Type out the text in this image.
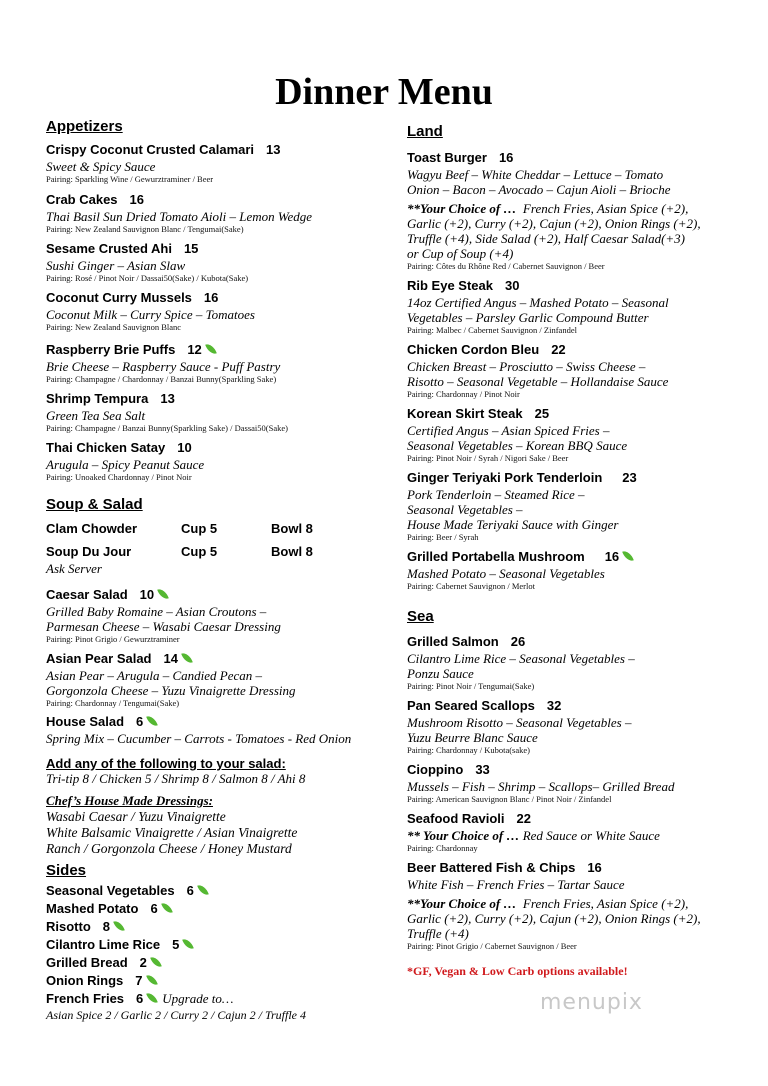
Dinner Menu
Appetizers
Crispy Coconut Crusted Calamari 13
Sweet & Spicy Sauce
Pairing: Sparkling Wine / Gewurztraminer / Beer
Crab Cakes 16
Thai Basil Sun Dried Tomato Aioli – Lemon Wedge
Pairing: New Zealand Sauvignon Blanc / Tengumai(Sake)
Sesame Crusted Ahi 15
Sushi Ginger – Asian Slaw
Pairing: Rosé / Pinot Noir / Dassai50(Sake) / Kubota(Sake)
Coconut Curry Mussels 16
Coconut Milk – Curry Spice – Tomatoes
Pairing: New Zealand Sauvignon Blanc
Raspberry Brie Puffs 12
Brie Cheese – Raspberry Sauce - Puff Pastry
Pairing: Champagne / Chardonnay / Banzai Bunny(Sparkling Sake)
Shrimp Tempura 13
Green Tea Sea Salt
Pairing: Champagne / Banzai Bunny(Sparkling Sake) / Dassai50(Sake)
Thai Chicken Satay 10
Arugula – Spicy Peanut Sauce
Pairing: Unoaked Chardonnay / Pinot Noir
Soup & Salad
Clam Chowder	Cup 5	Bowl 8
Soup Du Jour	Cup 5	Bowl 8
Ask Server
Caesar Salad 10
Grilled Baby Romaine – Asian Croutons –
Parmesan Cheese – Wasabi Caesar Dressing
Pairing: Pinot Grigio / Gewurztraminer
Asian Pear Salad 14
Asian Pear – Arugula – Candied Pecan –
Gorgonzola Cheese – Yuzu Vinaigrette Dressing
Pairing: Chardonnay / Tengumai(Sake)
House Salad 6
Spring Mix – Cucumber – Carrots - Tomatoes - Red Onion
Add any of the following to your salad:
Tri-tip 8 / Chicken 5 / Shrimp 8 / Salmon 8 / Ahi 8
Chef’s House Made Dressings:
Wasabi Caesar / Yuzu Vinaigrette
White Balsamic Vinaigrette / Asian Vinaigrette
Ranch / Gorgonzola Cheese / Honey Mustard
Sides
Seasonal Vegetables 6
Mashed Potato 6
Risotto 8
Cilantro Lime Rice 5
Grilled Bread 2
Onion Rings 7
French Fries 6 Upgrade to…
Asian Spice 2 / Garlic 2 / Curry 2 / Cajun 2 / Truffle 4
Land
Toast Burger 16
Wagyu Beef – White Cheddar – Lettuce – Tomato
Onion – Bacon – Avocado – Cajun Aioli – Brioche
**Your Choice of … French Fries, Asian Spice (+2),
Garlic (+2), Curry (+2), Cajun (+2), Onion Rings (+2),
Truffle (+4), Side Salad (+2), Half Caesar Salad(+3)
or Cup of Soup (+4)
Pairing: Côtes du Rhône Red / Cabernet Sauvignon / Beer
Rib Eye Steak 30
14oz Certified Angus – Mashed Potato – Seasonal
Vegetables – Parsley Garlic Compound Butter
Pairing: Malbec / Cabernet Sauvignon / Zinfandel
Chicken Cordon Bleu 22
Chicken Breast – Prosciutto – Swiss Cheese –
Risotto – Seasonal Vegetable – Hollandaise Sauce
Pairing: Chardonnay / Pinot Noir
Korean Skirt Steak 25
Certified Angus – Asian Spiced Fries –
Seasonal Vegetables – Korean BBQ Sauce
Pairing: Pinot Noir / Syrah / Nigori Sake / Beer
Ginger Teriyaki Pork Tenderloin 23
Pork Tenderloin – Steamed Rice –
Seasonal Vegetables –
House Made Teriyaki Sauce with Ginger
Pairing: Beer / Syrah
Grilled Portabella Mushroom 16
Mashed Potato – Seasonal Vegetables
Pairing: Cabernet Sauvignon / Merlot
Sea
Grilled Salmon 26
Cilantro Lime Rice – Seasonal Vegetables –
Ponzu Sauce
Pairing: Pinot Noir / Tengumai(Sake)
Pan Seared Scallops 32
Mushroom Risotto – Seasonal Vegetables –
Yuzu Beurre Blanc Sauce
Pairing: Chardonnay / Kubota(sake)
Cioppino 33
Mussels – Fish – Shrimp – Scallops– Grilled Bread
Pairing: American Sauvignon Blanc / Pinot Noir / Zinfandel
Seafood Ravioli 22
** Your Choice of … Red Sauce or White Sauce
Pairing: Chardonnay
Beer Battered Fish & Chips 16
White Fish – French Fries – Tartar Sauce
**Your Choice of … French Fries, Asian Spice (+2),
Garlic (+2), Curry (+2), Cajun (+2), Onion Rings (+2),
Truffle (+4)
Pairing: Pinot Grigio / Cabernet Sauvignon / Beer
*GF, Vegan & Low Carb options available!
menupix
